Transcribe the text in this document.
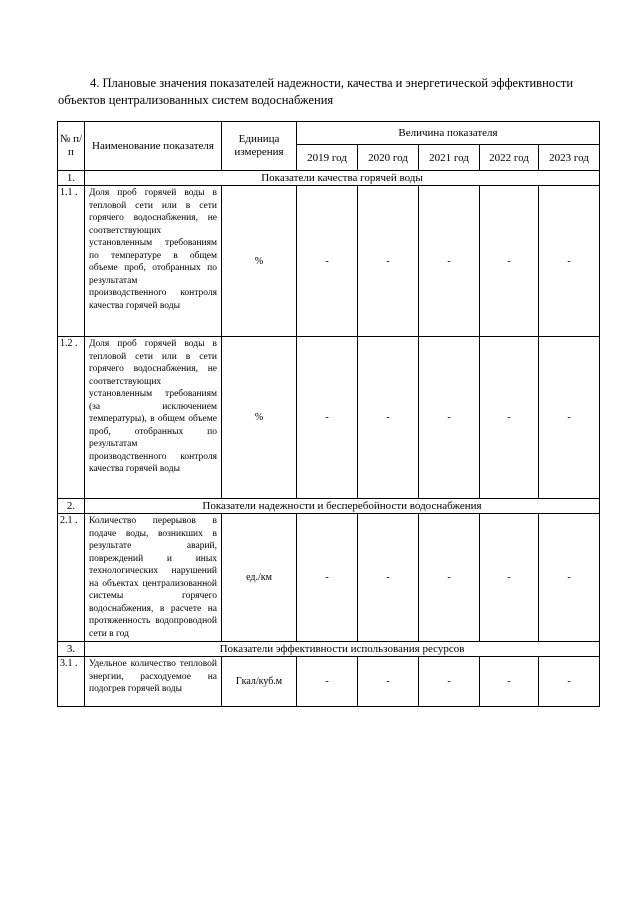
4. Плановые значения показателей надежности, качества и энергетической эффективности
объектов централизованных систем водоснабжения
№ п/п	Наименование показателя	Единица измерения	Величина показателя				
			2019 год	2020 год	2021 год	2022 год	2023 год
1.	Показатели качества горячей воды						
1.1 .	Доля проб горячей воды в тепловой сети или в сети горячего водоснабжения, не соответствующих установленным требованиям по температуре в общем объеме проб, отобранных по результатам производственного контроля качества горячей воды	%	-	-	-	-	-
1.2 .	Доля проб горячей воды в тепловой сети или в сети горячего водоснабжения, не соответствующих установленным требованиям (за исключением температуры), в общем объеме проб, отобранных по результатам производственного контроля качества горячей воды	%	-	-	-	-	-
2.	Показатели надежности и бесперебойности водоснабжения						
2.1 .	Количество перерывов в подаче воды, возникших в результате аварий, повреждений и иных технологических нарушений на объектах централизованной системы горячего водоснабжения, в расчете на протяженность водопроводной сети в год	ед./км	-	-	-	-	-
3.	Показатели эффективности использования ресурсов						
3.1 .	Удельное количество тепловой энергии, расходуемое на подогрев горячей воды	Гкал/куб.м	-	-	-	-	-
